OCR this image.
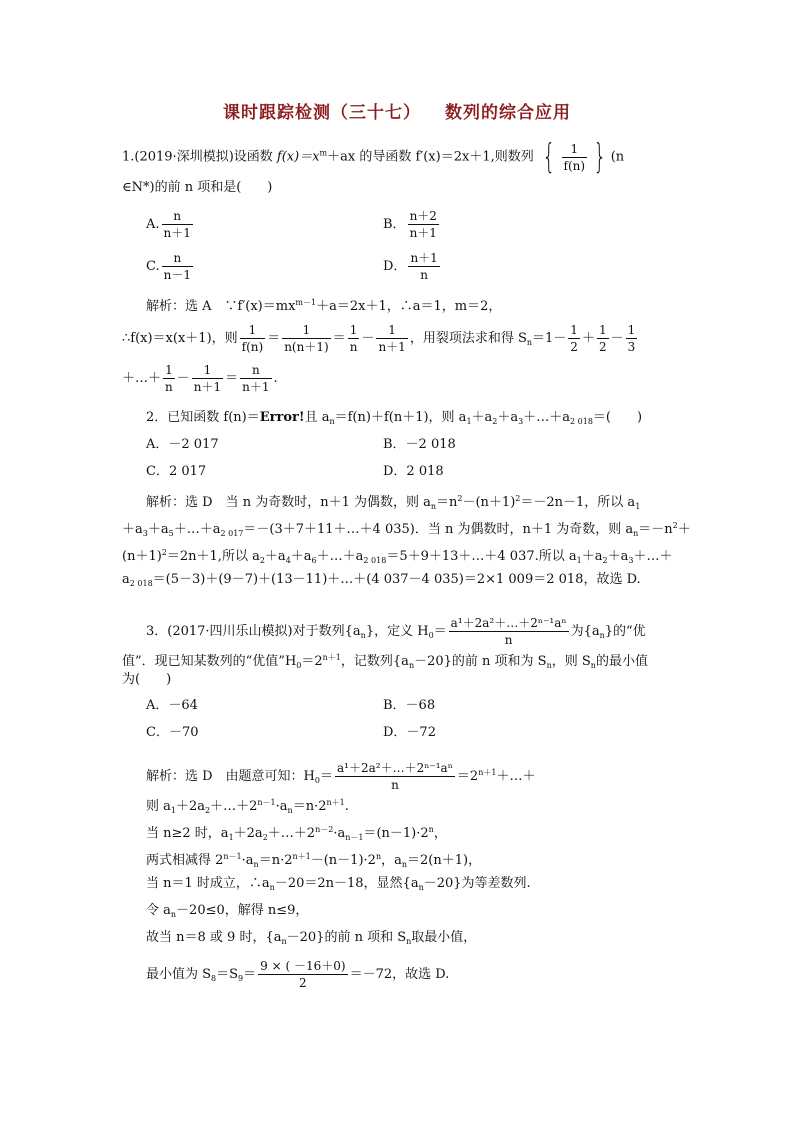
课时跟踪检测（三十七） 数列的综合应用
1.(2019·深圳模拟)设函数 $f(x)=x^m+ax$ 的导函数 f′(x)＝2x＋1,则数列 { $\frac{1}{f(n)}$ } (n
∈N*)的前 n 项和是(　　)
A. $\frac{n}{n+1}$	B． $\frac{n+2}{n+1}$
C. $\frac{n}{n-1}$	D． $\frac{n+1}{n}$
解析：选 A　$\because f'(x)=mx^{m-1}+a=2x+1$，∴a＝1，m＝2，
∴f(x)＝x(x＋1)，则 $\frac{1}{f(n)} = \frac{1}{n(n+1)} = \frac{1}{n} - \frac{1}{n+1}$ ，用裂项法求和得 $S_n=1- \frac{1}{2} + \frac{1}{2} - \frac{1}{3}$
＋…＋ $\frac{1}{n} - \frac{1}{n+1} = \frac{n}{n+1}$ .
2．已知函数 f(n)＝Error!且 $a_n=f(n)+f(n+1)$，则 $a_1+a_2+a_3+\dots+a_{2 018}=$(　　)
A．－2 017	B．－2 018
C．2 017	D．2 018
解析：选 D　当 n 为奇数时，n＋1 为偶数，则 $a_n=n^2-(n+1)^2=-2n-1$，所以 $a_1$
$+a_3+a_5+\dots+a_{2 017}=-(3+7+11+\dots+4$ 035)．当 n 为偶数时，n＋1 为奇数，则 $a_n=-n^2+$
$(n+1)^2=2n+1$,所以 $a_2+a_4+a_6+\dots+a_{2 018}=5+9+13+\dots+4$ 037.所以 $a_1+a_2+a_3+\dots+$
$a_{2 018}=(5-3)+(9-7)+(13-11)+\dots+(4$ 037－4 035)＝2×1 009＝2 018，故选 D.
3．(2017·四川乐山模拟)对于数列$\{a_n\}$，定义 $H_0= \frac{\text{a¹＋2a²＋…＋2ⁿ⁻¹aⁿ}}{n}$ 为$\{a_n\}$的“优
值”．现已知某数列的“优值$”H_0=2^{n+1}$，记数列$\{a_n-20\}$的前 n 项和为 $S_n$，则 $S_n$的最小值
为(　　)
A．－64	B．－68
C．－70	D．－72
解析：选 D　由题意可知：$H_0= \frac{\text{a¹＋2a²＋…＋2ⁿ⁻¹aⁿ}}{n}$ $=2^{n+1}+\dots+$
则 $a_1+2a_2+\dots+2^{n-1}\cdot a_n=n\cdot 2^{n+1}$.
当 n≥2 时，$a_1+2a_2+\dots+2^{n-2}\cdot a_{n-1}=(n-1)\cdot 2^n$，
两式相减得 $2^{n-1}\cdot a_n=n\cdot 2^{n+1}-(n-1)\cdot 2^n$，$a_n=2(n+1)$，
当 n＝1 时成立，$\therefore a_n-20=2n-18$，显然$\{a_n-20\}$为等差数列.
令 $a_n-20\le 0$，解得 n≤9，
故当 n＝8 或 9 时，$\{a_n-20\}$的前 n 项和 $S_n$取最小值，
最小值为 $S_8=S_9= \frac{9 \times ( -16+0)}{2} =-72$，故选 D.
